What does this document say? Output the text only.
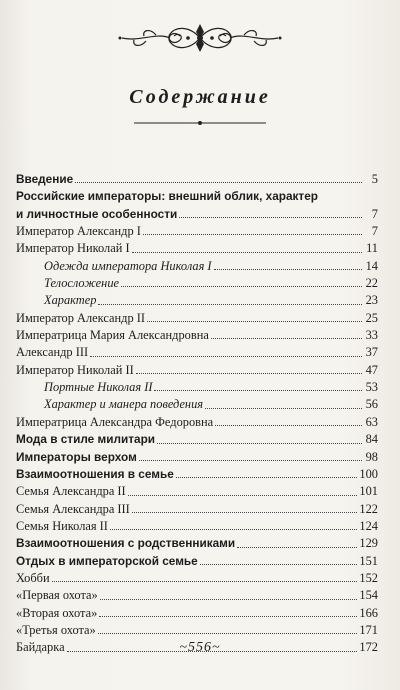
Содержание
Введение	5
Российские императоры: внешний облик, характер
и личностные особенности	7
Император Александр I	7
Император Николай I	11
Одежда императора Николая I	14
Телосложение	22
Характер	23
Император Александр II	25
Императрица Мария Александровна	33
Александр III	37
Император Николай II	47
Портные Николая II	53
Характер и манера поведения	56
Императрица Александра Федоровна	63
Мода в стиле милитари	84
Императоры верхом	98
Взаимоотношения в семье	100
Семья Александра II	101
Семья Александра III	122
Семья Николая II	124
Взаимоотношения с родственниками	129
Отдых в императорской семье	151
Хобби	152
«Первая охота»	154
«Вторая охота»	166
«Третья охота»	171
Байдарка	172
~556~
